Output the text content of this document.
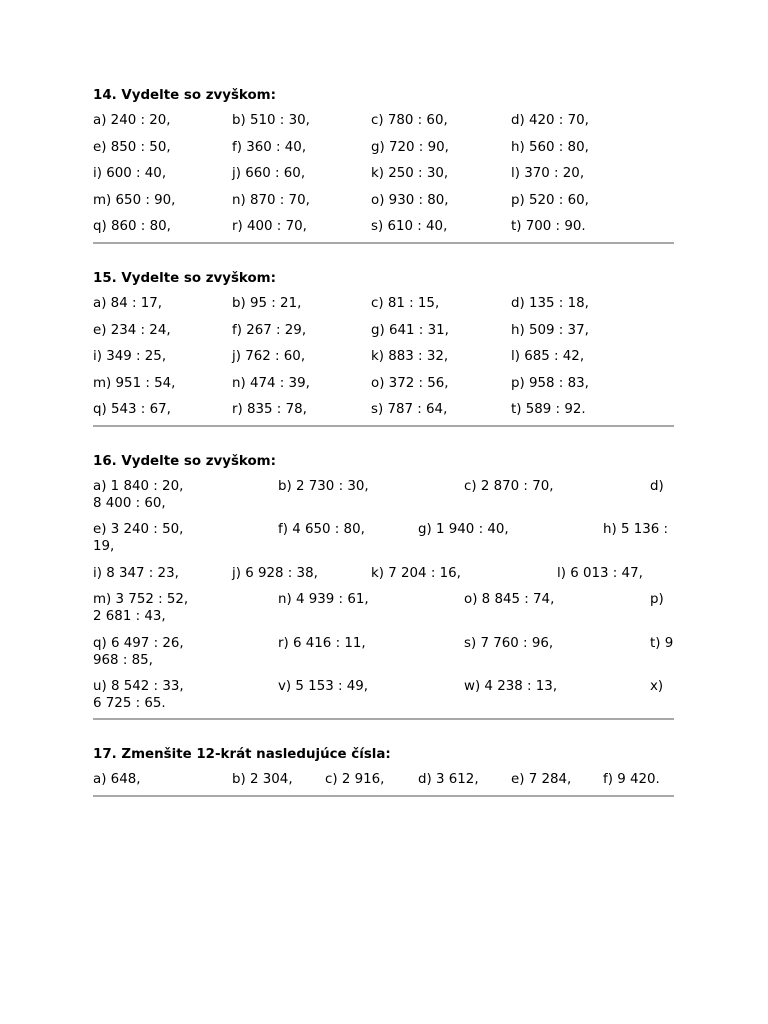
14. Vydelte so zvyškom:
a) 240 : 20,	b) 510 : 30,	c) 780 : 60,	d) 420 : 70,
e) 850 : 50,	f) 360 : 40,	g) 720 : 90,	h) 560 : 80,
i) 600 : 40,	j) 660 : 60,	k) 250 : 30,	l) 370 : 20,
m) 650 : 90,	n) 870 : 70,	o) 930 : 80,	p) 520 : 60,
q) 860 : 80,	r) 400 : 70,	s) 610 : 40,	t) 700 : 90.
15. Vydelte so zvyškom:
a) 84 : 17,	b) 95 : 21,	c) 81 : 15,	d) 135 : 18,
e) 234 : 24,	f) 267 : 29,	g) 641 : 31,	h) 509 : 37,
i) 349 : 25,	j) 762 : 60,	k) 883 : 32,	l) 685 : 42,
m) 951 : 54,	n) 474 : 39,	o) 372 : 56,	p) 958 : 83,
q) 543 : 67,	r) 835 : 78,	s) 787 : 64,	t) 589 : 92.
16. Vydelte so zvyškom:
a) 1 840 : 20,	b) 2 730 : 30,	c) 2 870 : 70,	d)
8 400 : 60,
e) 3 240 : 50,	f) 4 650 : 80,	g) 1 940 : 40,	h) 5 136 :
19,
i) 8 347 : 23,	j) 6 928 : 38,	k) 7 204 : 16,	l) 6 013 : 47,
m) 3 752 : 52,	n) 4 939 : 61,	o) 8 845 : 74,	p)
2 681 : 43,
q) 6 497 : 26,	r) 6 416 : 11,	s) 7 760 : 96,	t) 9
968 : 85,
u) 8 542 : 33,	v) 5 153 : 49,	w) 4 238 : 13,	x)
6 725 : 65.
17. Zmenšite 12-krát nasledujúce čísla:
a) 648,	b) 2 304, c) 2 916,	d) 3 612, e) 7 284, f) 9 420.
